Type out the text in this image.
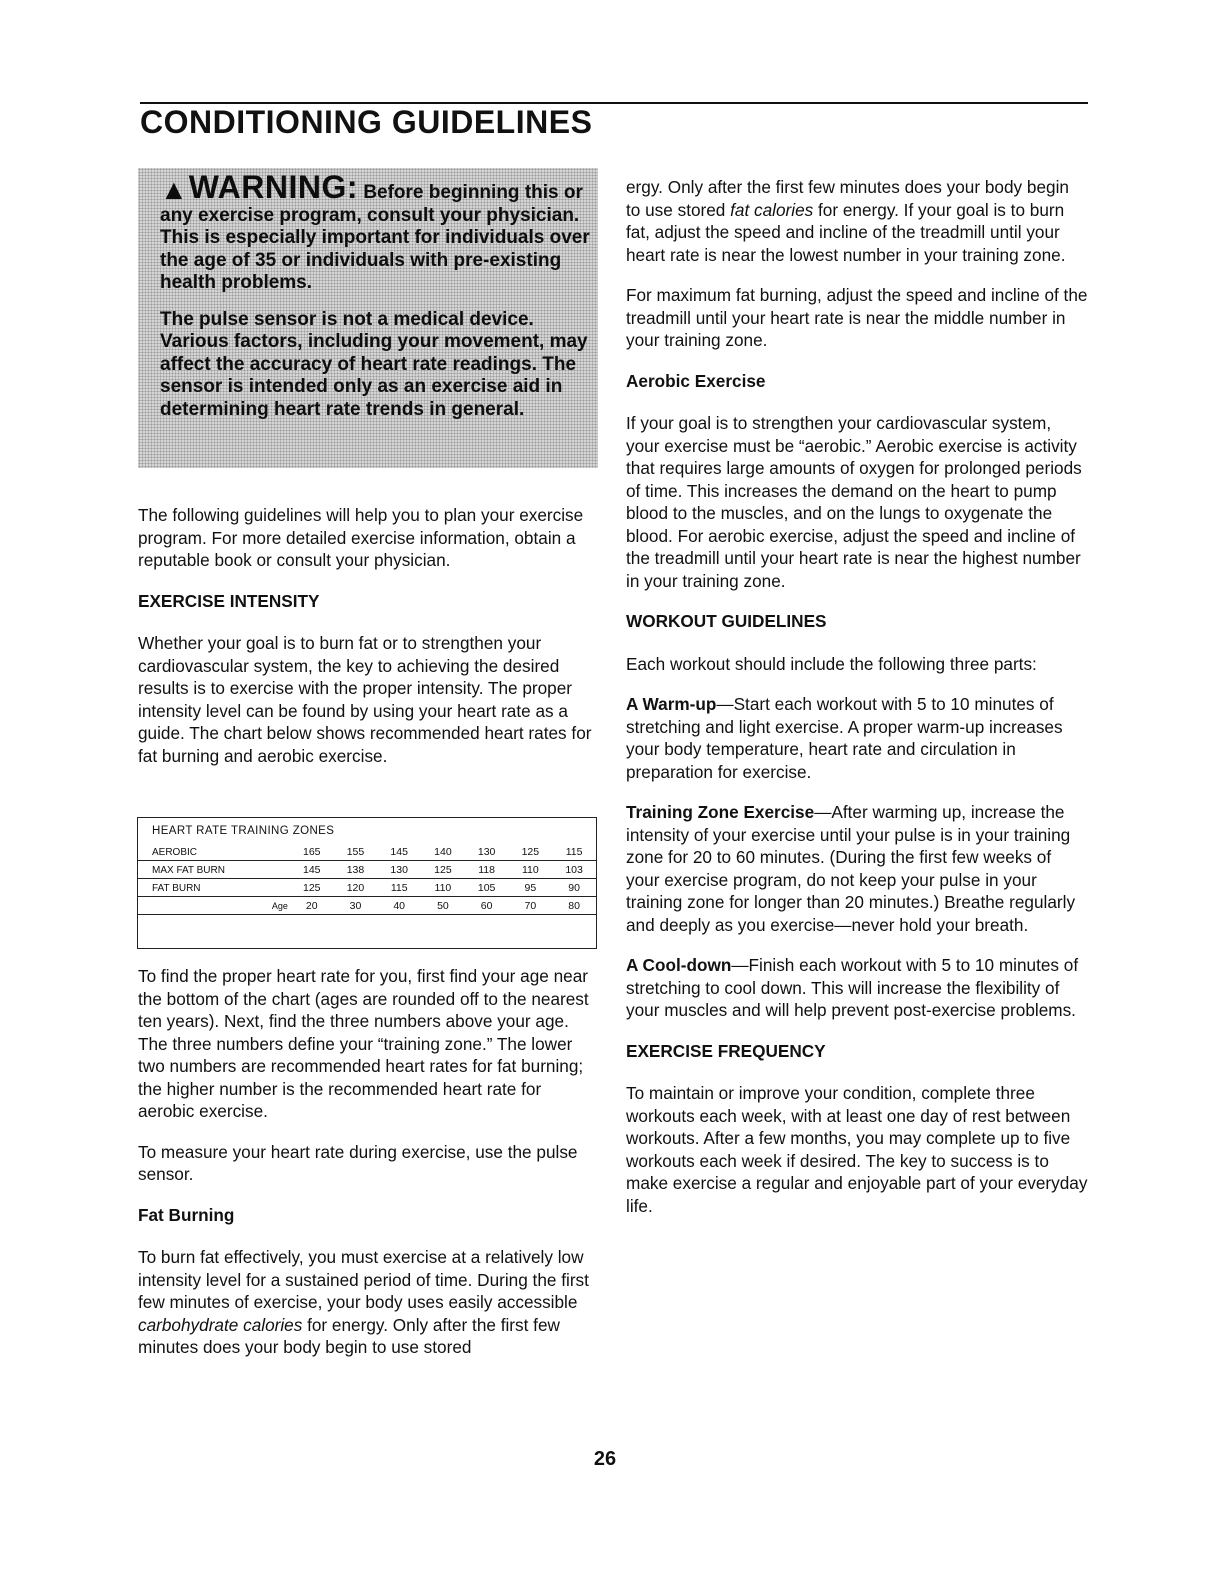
CONDITIONING GUIDELINES

▲WARNING: Before beginning this or any exercise program, consult your physician. This is especially important for individuals over the age of 35 or individuals with pre-existing health problems.

The pulse sensor is not a medical device. Various factors, including your movement, may affect the accuracy of heart rate readings. The sensor is intended only as an exercise aid in determining heart rate trends in general.

The following guidelines will help you to plan your exercise program. For more detailed exercise information, obtain a reputable book or consult your physician.

EXERCISE INTENSITY

Whether your goal is to burn fat or to strengthen your cardiovascular system, the key to achieving the desired results is to exercise with the proper intensity. The proper intensity level can be found by using your heart rate as a guide. The chart below shows recommended heart rates for fat burning and aerobic exercise.

To find the proper heart rate for you, first find your age near the bottom of the chart (ages are rounded off to the nearest ten years). Next, find the three numbers above your age. The three numbers define your “training zone.” The lower two numbers are recommended heart rates for fat burning; the higher number is the recommended heart rate for aerobic exercise.

To measure your heart rate during exercise, use the pulse sensor.

Fat Burning

To burn fat effectively, you must exercise at a relatively low intensity level for a sustained period of time. During the first few minutes of exercise, your body uses easily accessible carbohydrate calories for energy. Only after the first few minutes does your body begin to use stored

HEART RATE TRAINING ZONES
AEROBIC	165	155	145	140	130	125	115
MAX FAT BURN	145	138	130	125	118	110	103
FAT BURN	125	120	115	110	105	95	90
Age	20	30	40	50	60	70	80

ergy. Only after the first few minutes does your body begin to use stored fat calories for energy. If your goal is to burn fat, adjust the speed and incline of the treadmill until your heart rate is near the lowest number in your training zone.

For maximum fat burning, adjust the speed and incline of the treadmill until your heart rate is near the middle number in your training zone.

Aerobic Exercise

If your goal is to strengthen your cardiovascular system, your exercise must be “aerobic.” Aerobic exercise is activity that requires large amounts of oxygen for prolonged periods of time. This increases the demand on the heart to pump blood to the muscles, and on the lungs to oxygenate the blood. For aerobic exercise, adjust the speed and incline of the treadmill until your heart rate is near the highest number in your training zone.

WORKOUT GUIDELINES

Each workout should include the following three parts:

A Warm-up—Start each workout with 5 to 10 minutes of stretching and light exercise. A proper warm-up increases your body temperature, heart rate and circulation in preparation for exercise.

Training Zone Exercise—After warming up, increase the intensity of your exercise until your pulse is in your training zone for 20 to 60 minutes. (During the first few weeks of your exercise program, do not keep your pulse in your training zone for longer than 20 minutes.) Breathe regularly and deeply as you exercise—never hold your breath.

A Cool-down—Finish each workout with 5 to 10 minutes of stretching to cool down. This will increase the flexibility of your muscles and will help prevent post-exercise problems.

EXERCISE FREQUENCY

To maintain or improve your condition, complete three workouts each week, with at least one day of rest between workouts. After a few months, you may complete up to five workouts each week if desired. The key to success is to make exercise a regular and enjoyable part of your everyday life.

26
